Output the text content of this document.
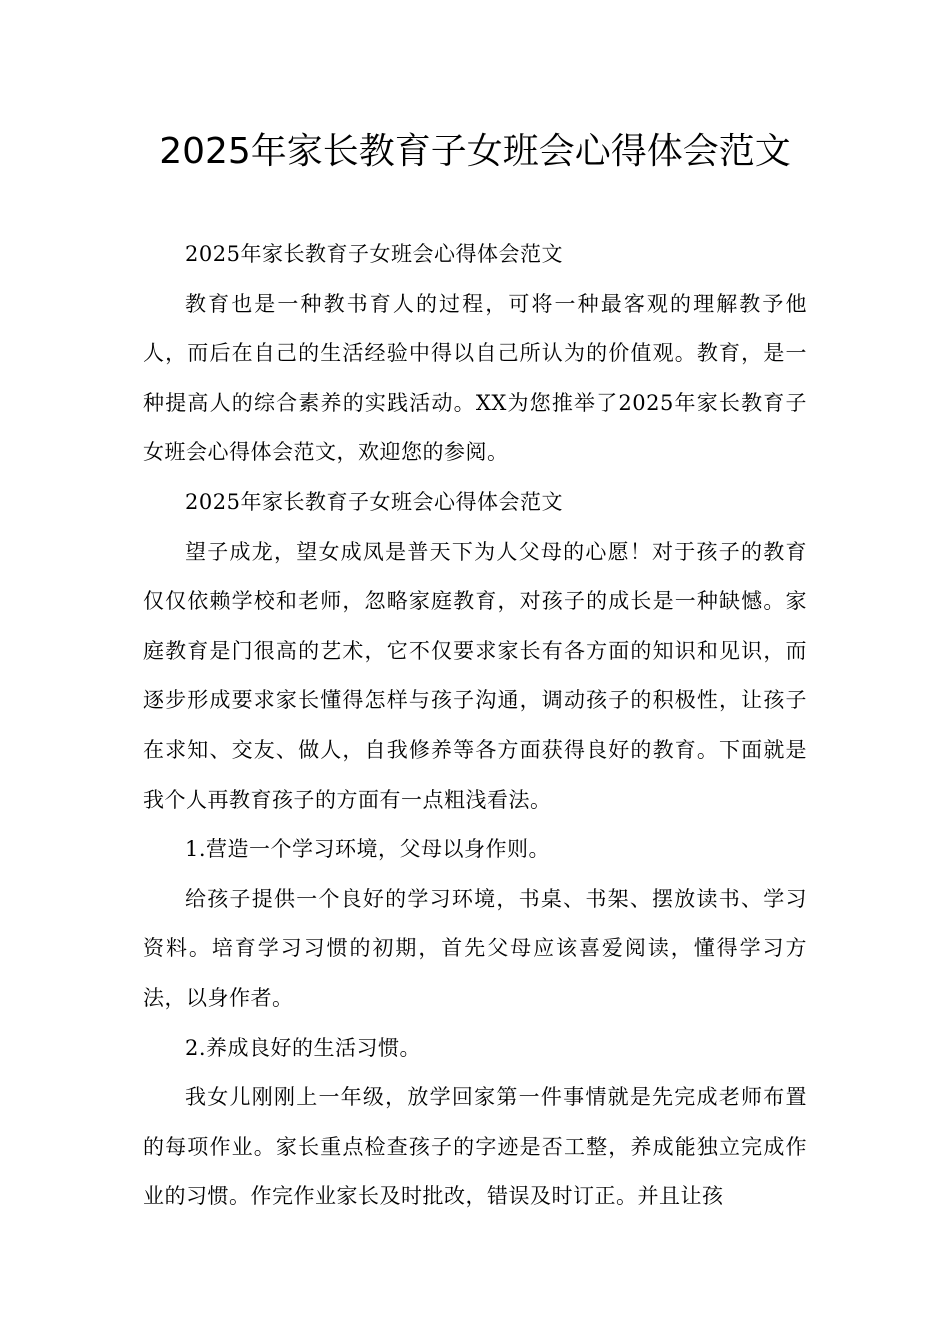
2025年家长教育子女班会心得体会范文

2025年家长教育子女班会心得体会范文

教育也是一种教书育人的过程，可将一种最客观的理解教予他人，而后在自己的生活经验中得以自己所认为的价值观。教育，是一种提高人的综合素养的实践活动。XX为您推举了2025年家长教育子女班会心得体会范文，欢迎您的参阅。

2025年家长教育子女班会心得体会范文

望子成龙，望女成凤是普天下为人父母的心愿！对于孩子的教育仅仅依赖学校和老师，忽略家庭教育，对孩子的成长是一种缺憾。家庭教育是门很高的艺术，它不仅要求家长有各方面的知识和见识，而逐步形成要求家长懂得怎样与孩子沟通，调动孩子的积极性，让孩子在求知、交友、做人，自我修养等各方面获得良好的教育。下面就是我个人再教育孩子的方面有一点粗浅看法。

1.营造一个学习环境，父母以身作则。

给孩子提供一个良好的学习环境，书桌、书架、摆放读书、学习资料。培育学习习惯的初期，首先父母应该喜爱阅读，懂得学习方法，以身作者。

2.养成良好的生活习惯。

我女儿刚刚上一年级，放学回家第一件事情就是先完成老师布置的每项作业。家长重点检查孩子的字迹是否工整，养成能独立完成作业的习惯。作完作业家长及时批改，错误及时订正。并且让孩
